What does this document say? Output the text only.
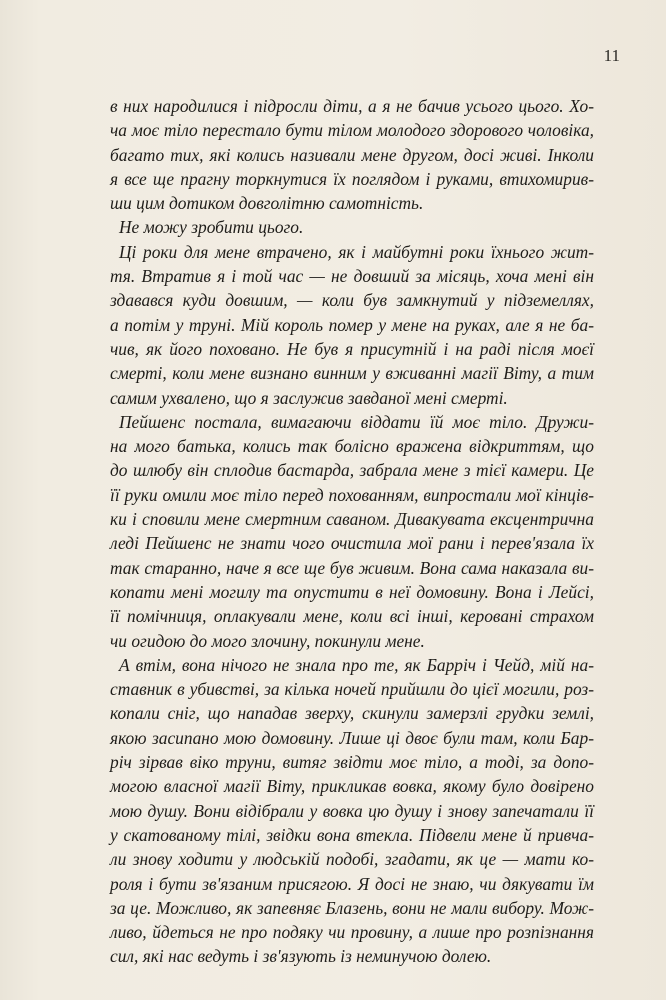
11
в них народилися і підросли діти, а я не бачив усього цього. Хо-
ча моє тіло перестало бути тілом молодого здорового чоловіка,
багато тих, які колись називали мене другом, досі живі. Інколи
я все ще прагну торкнутися їх поглядом і руками, втихомирив-
ши цим дотиком довголітню самотність.
Не можу зробити цього.
Ці роки для мене втрачено, як і майбутні роки їхнього жит-
тя. Втратив я і той час — не довший за місяць, хоча мені він
здавався куди довшим, — коли був замкнутий у підземеллях,
а потім у труні. Мій король помер у мене на руках, але я не ба-
чив, як його поховано. Не був я присутній і на раді після моєї
смерті, коли мене визнано винним у вживанні магії Віту, а тим
самим ухвалено, що я заслужив завданої мені смерті.
Пейшенс постала, вимагаючи віддати їй моє тіло. Дружи-
на мого батька, колись так болісно вражена відкриттям, що
до шлюбу він сплодив бастарда, забрала мене з тієї камери. Це
її руки омили моє тіло перед похованням, випростали мої кінців-
ки і сповили мене смертним саваном. Дивакувата ексцентрична
леді Пейшенс не знати чого очистила мої рани і перев'язала їх
так старанно, наче я все ще був живим. Вона сама наказала ви-
копати мені могилу та опустити в неї домовину. Вона і Лейсі,
її помічниця, оплакували мене, коли всі інші, керовані страхом
чи огидою до мого злочину, покинули мене.
А втім, вона нічого не знала про те, як Барріч і Чейд, мій на-
ставник в убивстві, за кілька ночей прийшли до цієї могили, роз-
копали сніг, що нападав зверху, скинули замерзлі грудки землі,
якою засипано мою домовину. Лише ці двоє були там, коли Бар-
річ зірвав віко труни, витяг звідти моє тіло, а тоді, за допо-
могою власної магії Віту, прикликав вовка, якому було довірено
мою душу. Вони відібрали у вовка цю душу і знову запечатали її
у скатованому тілі, звідки вона втекла. Підвели мене й привча-
ли знову ходити у людській подобі, згадати, як це — мати ко-
роля і бути зв'язаним присягою. Я досі не знаю, чи дякувати їм
за це. Можливо, як запевняє Блазень, вони не мали вибору. Мож-
ливо, йдеться не про подяку чи провину, а лише про розпізнання
сил, які нас ведуть і зв'язують із неминучою долею.
